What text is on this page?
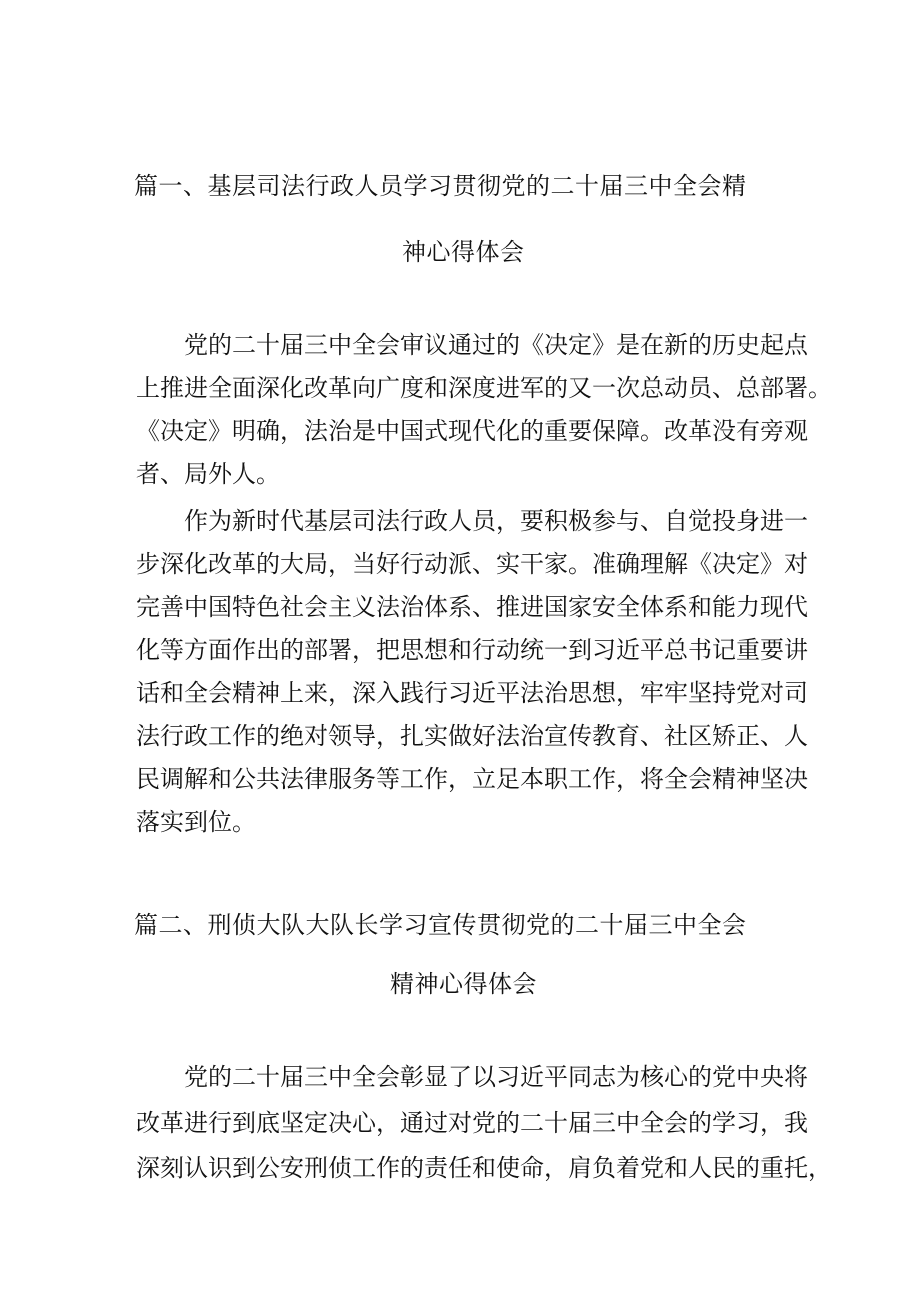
篇一、基层司法行政人员学习贯彻党的二十届三中全会精
神心得体会

党的二十届三中全会审议通过的《决定》是在新的历史起点

上推进全面深化改革向广度和深度进军的又一次总动员、总部署。

《决定》明确，法治是中国式现代化的重要保障。改革没有旁观

者、局外人。

作为新时代基层司法行政人员，要积极参与、自觉投身进一

步深化改革的大局，当好行动派、实干家。准确理解《决定》对

完善中国特色社会主义法治体系、推进国家安全体系和能力现代

化等方面作出的部署，把思想和行动统一到习近平总书记重要讲

话和全会精神上来，深入践行习近平法治思想，牢牢坚持党对司

法行政工作的绝对领导，扎实做好法治宣传教育、社区矫正、人

民调解和公共法律服务等工作，立足本职工作，将全会精神坚决

落实到位。

篇二、刑侦大队大队长学习宣传贯彻党的二十届三中全会
精神心得体会

党的二十届三中全会彰显了以习近平同志为核心的党中央将

改革进行到底坚定决心，通过对党的二十届三中全会的学习，我

深刻认识到公安刑侦工作的责任和使命，肩负着党和人民的重托，
